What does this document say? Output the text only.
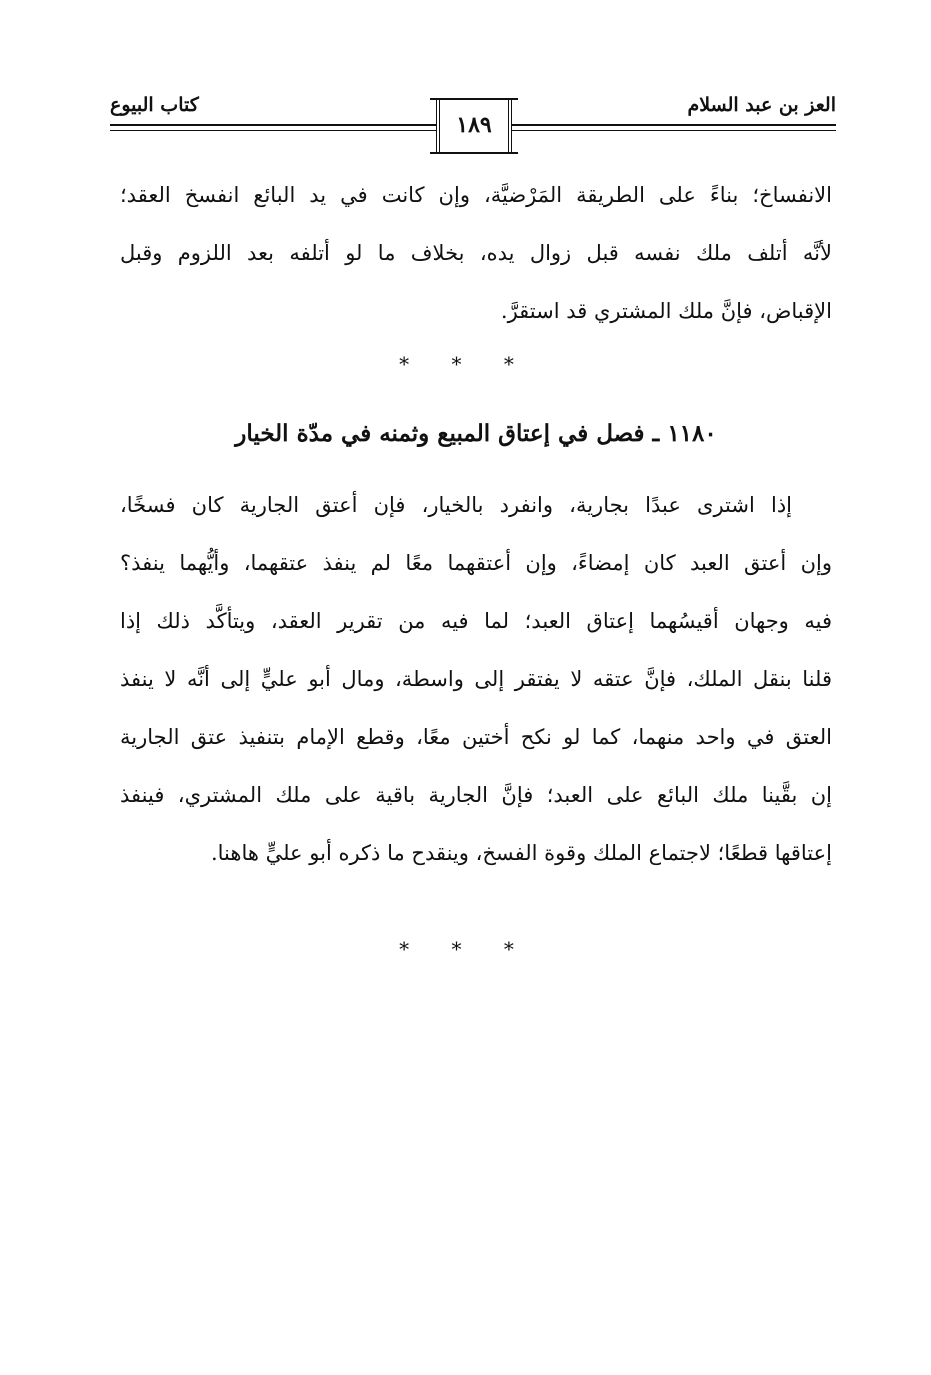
العز بن عبد السلام
كتاب البيوع
١٨٩
الانفساخ؛ بناءً على الطريقة المَرْضيَّة، وإن كانت في يد البائع انفسخ العقد؛
لأنَّه أتلف ملك نفسه قبل زوال يده، بخلاف ما لو أتلفه بعد اللزوم وقبل
الإقباض، فإنَّ ملك المشتري قد استقرَّ.
* * *
١١٨٠ ـ فصل في إعتاق المبيع وثمنه في مدّة الخيار
إذا اشترى عبدًا بجارية، وانفرد بالخيار، فإن أعتق الجارية كان فسخًا،
وإن أعتق العبد كان إمضاءً، وإن أعتقهما معًا لم ينفذ عتقهما، وأيُّهما ينفذ؟
فيه وجهان أقيسُهما إعتاق العبد؛ لما فيه من تقرير العقد، ويتأكَّد ذلك إذا
قلنا بنقل الملك، فإنَّ عتقه لا يفتقر إلى واسطة، ومال أبو عليٍّ إلى أنَّه لا ينفذ
العتق في واحد منهما، كما لو نكح أختين معًا، وقطع الإمام بتنفيذ عتق الجارية
إن بقَّينا ملك البائع على العبد؛ فإنَّ الجارية باقية على ملك المشتري، فينفذ
إعتاقها قطعًا؛ لاجتماع الملك وقوة الفسخ، وينقدح ما ذكره أبو عليٍّ هاهنا.
* * *
